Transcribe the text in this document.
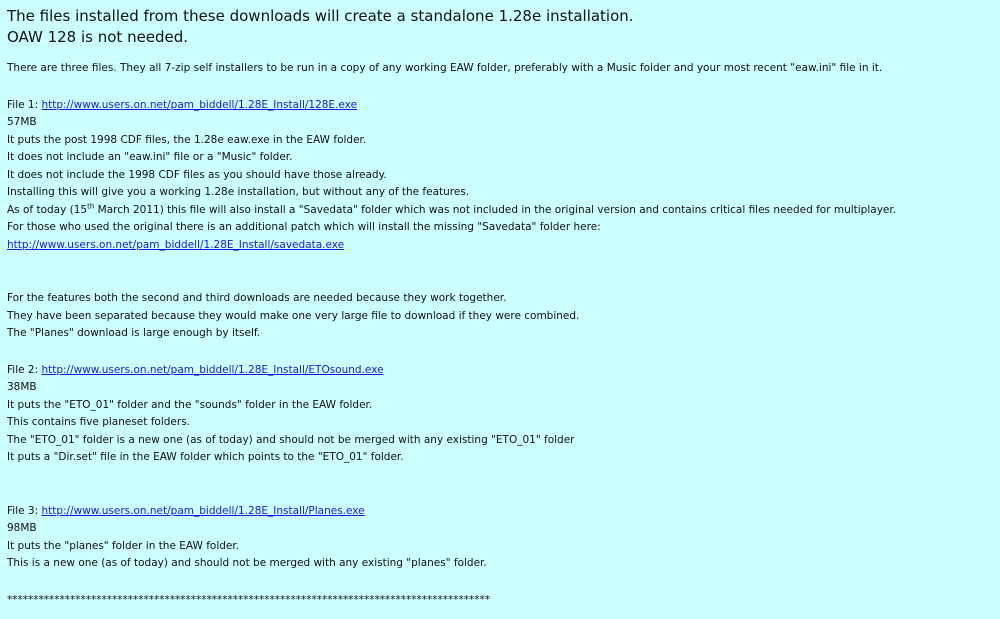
The files installed from these downloads will create a standalone 1.28e installation.

OAW 128 is not needed.

There are three files. They all 7-zip self installers to be run in a copy of any working EAW folder, preferably with a Music folder and your most recent "eaw.ini" file in it.

File 1: http://www.users.on.net/pam_biddell/1.28E_Install/128E.exe

57MB

It puts the post 1998 CDF files, the 1.28e eaw.exe in the EAW folder.

It does not include an "eaw.ini" file or a "Music" folder.

It does not include the 1998 CDF files as you should have those already.

Installing this will give you a working 1.28e installation, but without any of the features.

As of today (15th March 2011) this file will also install a "Savedata" folder which was not included in the original version and contains critical files needed for multiplayer.

For those who used the original there is an additional patch which will install the missing "Savedata" folder here:

http://www.users.on.net/pam_biddell/1.28E_Install/savedata.exe

For the features both the second and third downloads are needed because they work together.

They have been separated because they would make one very large file to download if they were combined.

The "Planes" download is large enough by itself.

File 2: http://www.users.on.net/pam_biddell/1.28E_Install/ETOsound.exe

38MB

It puts the "ETO_01" folder and the "sounds" folder in the EAW folder.

This contains five planeset folders.

The "ETO_01" folder is a new one (as of today) and should not be merged with any existing "ETO_01" folder

It puts a "Dir.set" file in the EAW folder which points to the "ETO_01" folder.

File 3: http://www.users.on.net/pam_biddell/1.28E_Install/Planes.exe

98MB

It puts the "planes" folder in the EAW folder.

This is a new one (as of today) and should not be merged with any existing "planes" folder.

********************************************************************************************
